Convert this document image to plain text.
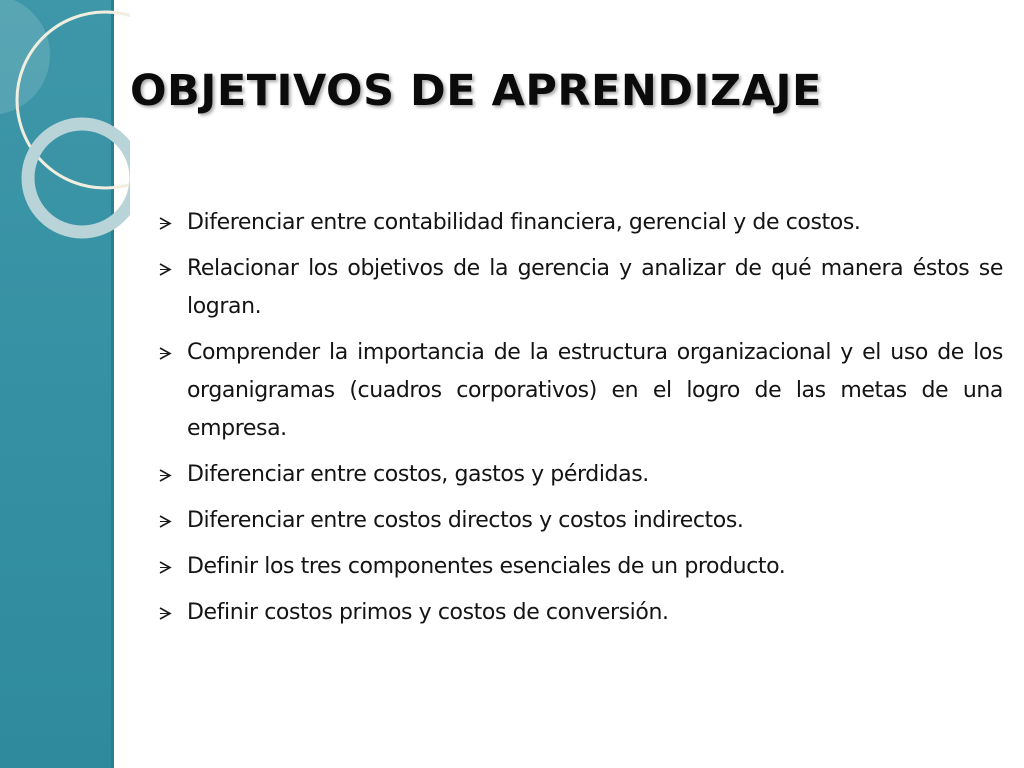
OBJETIVOS DE APRENDIZAJE
Diferenciar entre contabilidad financiera, gerencial y de costos.
Relacionar los objetivos de la gerencia y analizar de qué manera éstos se logran.
Comprender la importancia de la estructura organizacional y el uso de los organigramas (cuadros corporativos) en el logro de las metas de una empresa.
Diferenciar entre costos, gastos y pérdidas.
Diferenciar entre costos directos y costos indirectos.
Definir los tres componentes esenciales de un producto.
Definir costos primos y costos de conversión.
